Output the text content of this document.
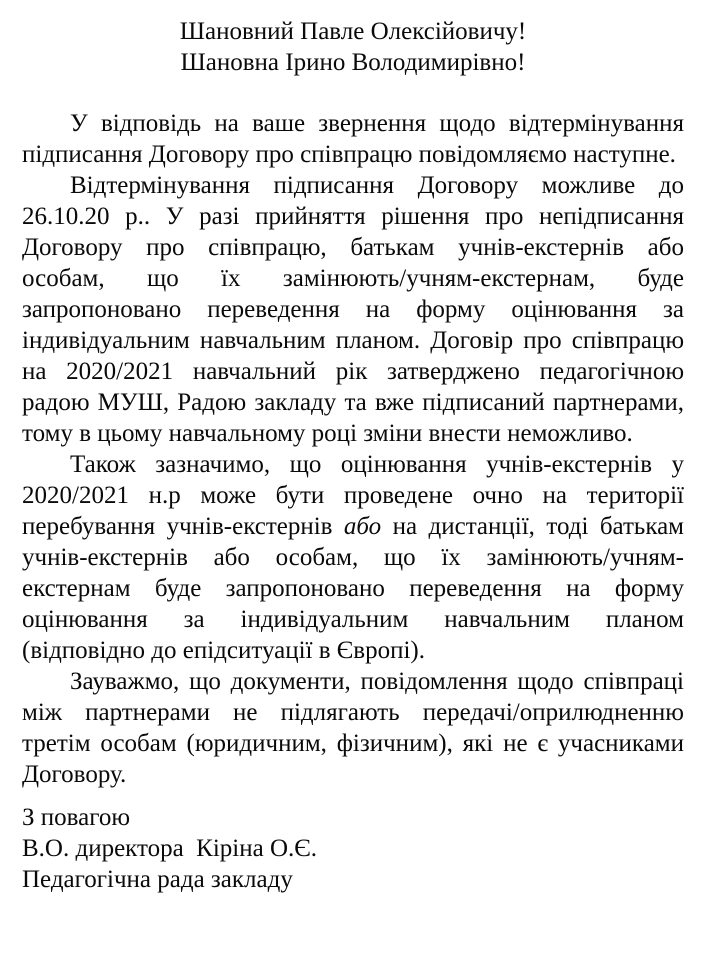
Шановний Павле Олексійовичу!
Шановна Ірино Володимирівно!

У відповідь на ваше звернення щодо відтермінування підписання Договору про співпрацю повідомляємо наступне.

Відтермінування підписання Договору можливе до 26.10.20 р.. У разі прийняття рішення про непідписання Договору про співпрацю, батькам учнів-екстернів або особам, що їх замінюють/учням-екстернам, буде запропоновано переведення на форму оцінювання за індивідуальним навчальним планом. Договір про співпрацю на 2020/2021 навчальний рік затверджено педагогічною радою МУШ, Радою закладу та вже підписаний партнерами, тому в цьому навчальному році зміни внести неможливо.

Також зазначимо, що оцінювання учнів-екстернів у 2020/2021 н.р може бути проведене очно на території перебування учнів-екстернів або на дистанції, тоді батькам учнів-екстернів або особам, що їх замінюють/учням-екстернам буде запропоновано переведення на форму оцінювання за індивідуальним навчальним планом (відповідно до епідситуації в Європі).

Зауважмо, що документи, повідомлення щодо співпраці між партнерами не підлягають передачі/оприлюдненню третім особам (юридичним, фізичним), які не є учасниками Договору.

З повагою
В.О. директора  Кіріна О.Є.
Педагогічна рада закладу
